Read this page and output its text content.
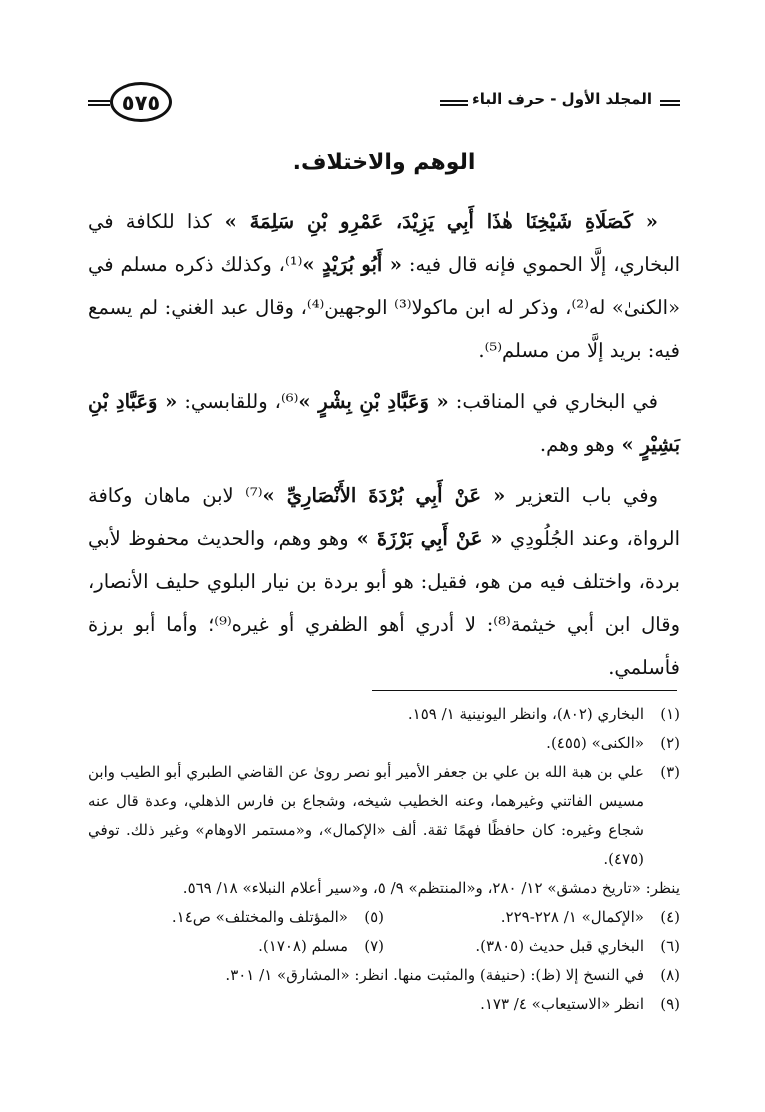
المجلد الأول - حرف الباء
٥٧٥
الوهم والاختلاف.

« كَصَلَاةِ شَيْخِنَا هٰذَا أَبِي يَزِيْدَ، عَمْرِو بْنِ سَلِمَةَ » كذا للكافة في البخاري، إلَّا الحموي فإنه قال فيه: « أَبُو بُرَيْدٍ »⁽¹⁾، وكذلك ذكره مسلم في «الكنىٰ» له⁽²⁾، وذكر له ابن ماكولا⁽³⁾ الوجهين⁽⁴⁾، وقال عبد الغني: لم يسمع فيه: بريد إلَّا من مسلم⁽⁵⁾.

في البخاري في المناقب: « وَعَبَّادِ بْنِ بِشْرٍ »⁽⁶⁾، وللقابسي: « وَعَبَّادِ بْنِ بَشِيْرٍ » وهو وهم.

وفي باب التعزير « عَنْ أَبِي بُرْدَةَ الأَنْصَارِيِّ »⁽⁷⁾ لابن ماهان وكافة الرواة، وعند الجُلُودِي « عَنْ أَبِي بَرْزَةَ » وهو وهم، والحديث محفوظ لأبي بردة، واختلف فيه من هو، فقيل: هو أبو بردة بن نيار البلوي حليف الأنصار، وقال ابن أبي خيثمة⁽⁸⁾: لا أدري أهو الظفري أو غيره⁽⁹⁾؛ وأما أبو برزة فأسلمي.

(١)
البخاري (٨٠٢)، وانظر اليونينية ١/ ١٥٩.
(٢)
«الكنى» (٤٥٥).
(٣)
علي بن هبة الله بن علي بن جعفر الأمير أبو نصر روىٰ عن القاضي الطبري أبو الطيب وابن مسيس الفاتني وغيرهما، وعنه الخطيب شيخه، وشجاع بن فارس الذهلي، وعدة قال عنه شجاع وغيره: كان حافظًا فهمًا ثقة. ألف «الإكمال»، و«مستمر الاوهام» وغير ذلك. توفي (٤٧٥).
ينظر: «تاريخ دمشق» ١٢/ ٢٨٠، و«المنتظم» ٩/ ٥، و«سير أعلام النبلاء» ١٨/ ٥٦٩.
(٤)
«الإكمال» ١/ ٢٢٨-٢٢٩.
(٥)
«المؤتلف والمختلف» ص١٤.
(٦)
البخاري قبل حديث (٣٨٠٥).
(٧)
مسلم (١٧٠٨).
(٨)
في النسخ إلا (ظ): (حنيفة) والمثبت منها. انظر: «المشارق» ١/ ٣٠١.
(٩)
انظر «الاستيعاب» ٤/ ١٧٣.
